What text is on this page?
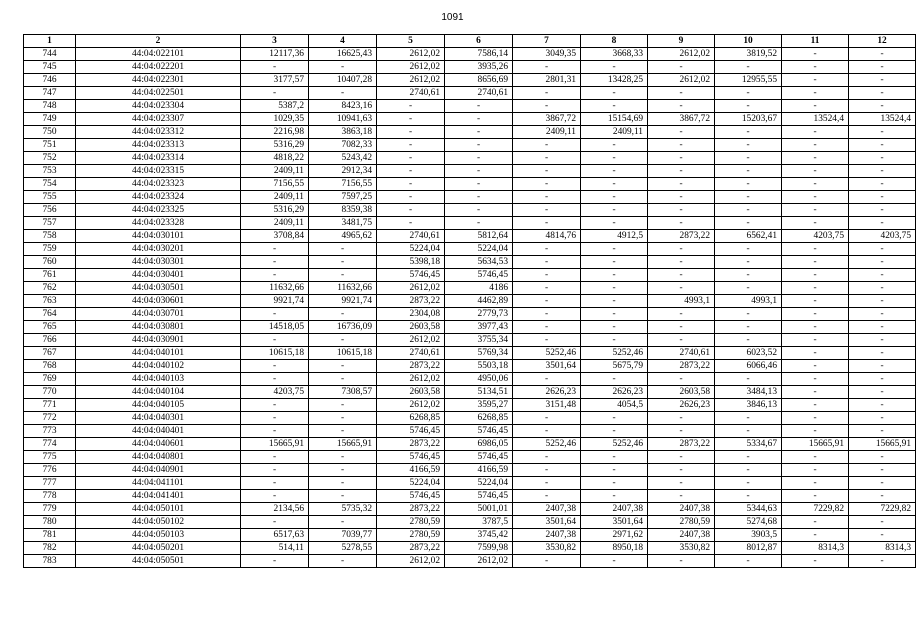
1091
1	2	3	4	5	6	7	8	9	10	11	12
744	44:04:022101	12117,36	16625,43	2612,02	7586,14	3049,35	3668,33	2612,02	3819,52	-	-
745	44:04:022201	-	-	2612,02	3935,26	-	-	-	-	-	-
746	44:04:022301	3177,57	10407,28	2612,02	8656,69	2801,31	13428,25	2612,02	12955,55	-	-
747	44:04:022501	-	-	2740,61	2740,61	-	-	-	-	-	-
748	44:04:023304	5387,2	8423,16	-	-	-	-	-	-	-	-
749	44:04:023307	1029,35	10941,63	-	-	3867,72	15154,69	3867,72	15203,67	13524,4	13524,4
750	44:04:023312	2216,98	3863,18	-	-	2409,11	2409,11	-	-	-	-
751	44:04:023313	5316,29	7082,33	-	-	-	-	-	-	-	-
752	44:04:023314	4818,22	5243,42	-	-	-	-	-	-	-	-
753	44:04:023315	2409,11	2912,34	-	-	-	-	-	-	-	-
754	44:04:023323	7156,55	7156,55	-	-	-	-	-	-	-	-
755	44:04:023324	2409,11	7597,25	-	-	-	-	-	-	-	-
756	44:04:023325	5316,29	8359,38	-	-	-	-	-	-	-	-
757	44:04:023328	2409,11	3481,75	-	-	-	-	-	-	-	-
758	44:04:030101	3708,84	4965,62	2740,61	5812,64	4814,76	4912,5	2873,22	6562,41	4203,75	4203,75
759	44:04:030201	-	-	5224,04	5224,04	-	-	-	-	-	-
760	44:04:030301	-	-	5398,18	5634,53	-	-	-	-	-	-
761	44:04:030401	-	-	5746,45	5746,45	-	-	-	-	-	-
762	44:04:030501	11632,66	11632,66	2612,02	4186	-	-	-	-	-	-
763	44:04:030601	9921,74	9921,74	2873,22	4462,89	-	-	4993,1	4993,1	-	-
764	44:04:030701	-	-	2304,08	2779,73	-	-	-	-	-	-
765	44:04:030801	14518,05	16736,09	2603,58	3977,43	-	-	-	-	-	-
766	44:04:030901	-	-	2612,02	3755,34	-	-	-	-	-	-
767	44:04:040101	10615,18	10615,18	2740,61	5769,34	5252,46	5252,46	2740,61	6023,52	-	-
768	44:04:040102	-	-	2873,22	5503,18	3501,64	5675,79	2873,22	6066,46	-	-
769	44:04:040103	-	-	2612,02	4950,06	-	-	-	-	-	-
770	44:04:040104	4203,75	7308,57	2603,58	5134,51	2626,23	2626,23	2603,58	3484,13	-	-
771	44:04:040105	-	-	2612,02	3595,27	3151,48	4054,5	2626,23	3846,13	-	-
772	44:04:040301	-	-	6268,85	6268,85	-	-	-	-	-	-
773	44:04:040401	-	-	5746,45	5746,45	-	-	-	-	-	-
774	44:04:040601	15665,91	15665,91	2873,22	6986,05	5252,46	5252,46	2873,22	5334,67	15665,91	15665,91
775	44:04:040801	-	-	5746,45	5746,45	-	-	-	-	-	-
776	44:04:040901	-	-	4166,59	4166,59	-	-	-	-	-	-
777	44:04:041101	-	-	5224,04	5224,04	-	-	-	-	-	-
778	44:04:041401	-	-	5746,45	5746,45	-	-	-	-	-	-
779	44:04:050101	2134,56	5735,32	2873,22	5001,01	2407,38	2407,38	2407,38	5344,63	7229,82	7229,82
780	44:04:050102	-	-	2780,59	3787,5	3501,64	3501,64	2780,59	5274,68	-	-
781	44:04:050103	6517,63	7039,77	2780,59	3745,42	2407,38	2971,62	2407,38	3903,5	-	-
782	44:04:050201	514,11	5278,55	2873,22	7599,98	3530,82	8950,18	3530,82	8012,87	8314,3	8314,3
783	44:04:050501	-	-	2612,02	2612,02	-	-	-	-	-	-
